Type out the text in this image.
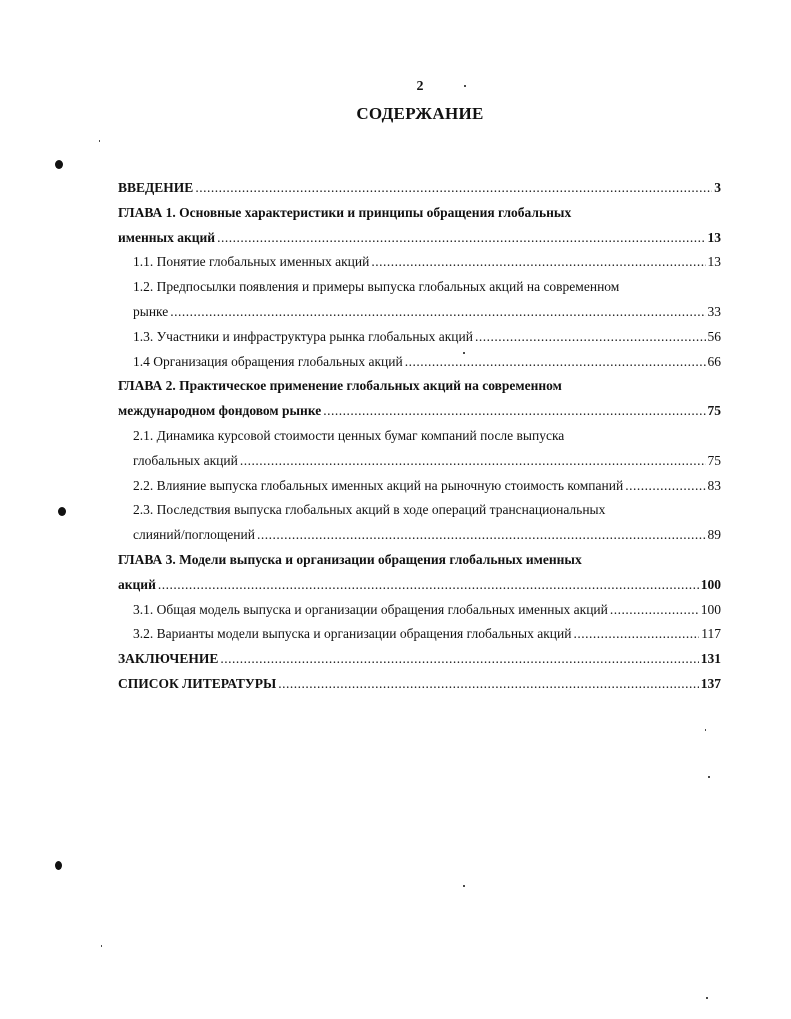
2
СОДЕРЖАНИЕ
ВВЕДЕНИЕ .....	3
ГЛАВА 1. Основные характеристики и принципы обращения глобальных
именных акций .....	13
1.1. Понятие глобальных именных акций .....	13
1.2. Предпосылки появления и примеры выпуска глобальных акций на современном
рынке .....	33
1.3. Участники и инфраструктура рынка глобальных акций .....	56
1.4 Организация обращения глобальных акций .....	66
ГЛАВА 2. Практическое применение глобальных акций на современном
международном фондовом рынке .....	75
2.1. Динамика курсовой стоимости ценных бумаг компаний после выпуска
глобальных акций .....	75
2.2. Влияние выпуска глобальных именных акций на рыночную стоимость компаний .....	83
2.3. Последствия выпуска глобальных акций в ходе операций транснациональных
слияний/поглощений .....	89
ГЛАВА 3. Модели выпуска и организации обращения глобальных именных
акций .....	100
3.1. Общая модель выпуска и организации обращения глобальных именных акций .....	100
3.2. Варианты модели выпуска и организации обращения глобальных акций .....	117
ЗАКЛЮЧЕНИЕ .....	131
СПИСОК ЛИТЕРАТУРЫ .....	137
